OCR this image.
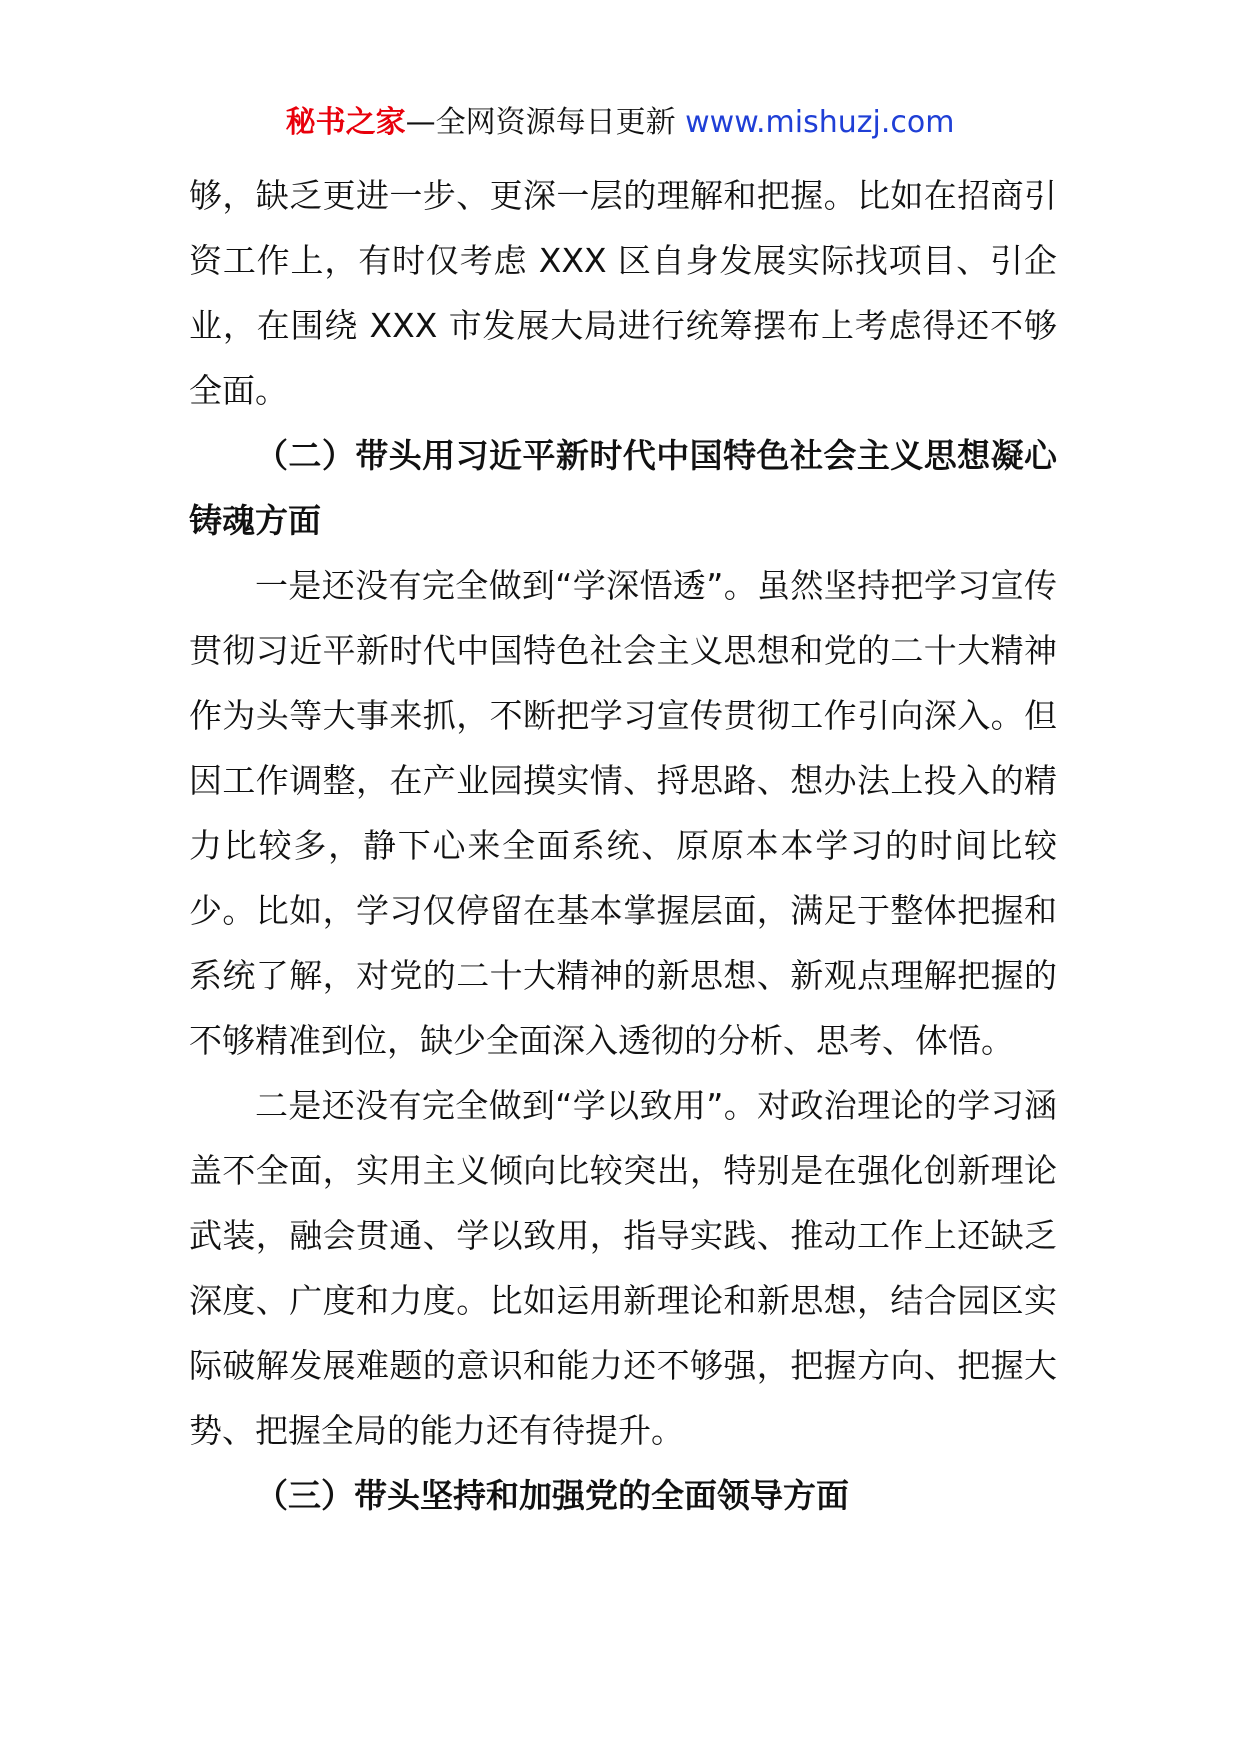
秘书之家—全网资源每日更新 www.mishuzj.com

够，缺乏更进一步、更深一层的理解和把握。比如在招商引资工作上，有时仅考虑 XXX 区自身发展实际找项目、引企业，在围绕 XXX 市发展大局进行统筹摆布上考虑得还不够全面。

（二）带头用习近平新时代中国特色社会主义思想凝心铸魂方面

一是还没有完全做到“学深悟透”。虽然坚持把学习宣传贯彻习近平新时代中国特色社会主义思想和党的二十大精神作为头等大事来抓，不断把学习宣传贯彻工作引向深入。但因工作调整，在产业园摸实情、捋思路、想办法上投入的精力比较多，静下心来全面系统、原原本本学习的时间比较少。比如，学习仅停留在基本掌握层面，满足于整体把握和系统了解，对党的二十大精神的新思想、新观点理解把握的不够精准到位，缺少全面深入透彻的分析、思考、体悟。

二是还没有完全做到“学以致用”。对政治理论的学习涵盖不全面，实用主义倾向比较突出，特别是在强化创新理论武装，融会贯通、学以致用，指导实践、推动工作上还缺乏深度、广度和力度。比如运用新理论和新思想，结合园区实际破解发展难题的意识和能力还不够强，把握方向、把握大势、把握全局的能力还有待提升。

（三）带头坚持和加强党的全面领导方面
